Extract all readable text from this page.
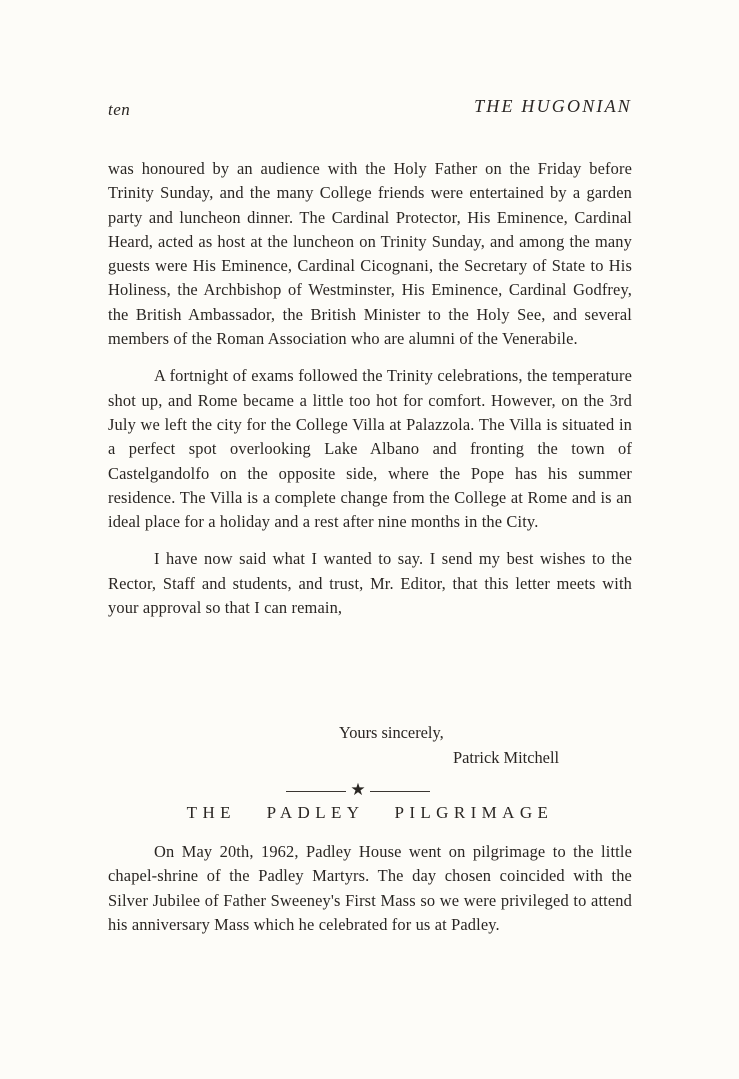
ten	THE HUGONIAN

was honoured by an audience with the Holy Father on the Friday before Trinity Sunday, and the many College friends were entertained by a garden party and luncheon dinner. The Cardinal Protector, His Eminence, Cardinal Heard, acted as host at the luncheon on Trinity Sunday, and among the many guests were His Eminence, Cardinal Cicognani, the Secretary of State to His Holiness, the Archbishop of Westminster, His Eminence, Cardinal Godfrey, the British Ambassador, the British Minister to the Holy See, and several members of the Roman Association who are alumni of the Venerabile.

A fortnight of exams followed the Trinity celebrations, the temperature shot up, and Rome became a little too hot for comfort. However, on the 3rd July we left the city for the College Villa at Palazzola. The Villa is situated in a perfect spot overlooking Lake Albano and fronting the town of Castelgandolfo on the opposite side, where the Pope has his summer residence. The Villa is a complete change from the College at Rome and is an ideal place for a holiday and a rest after nine months in the City.

I have now said what I wanted to say. I send my best wishes to the Rector, Staff and students, and trust, Mr. Editor, that this letter meets with your approval so that I can remain,

Yours sincerely,
Patrick Mitchell
★
THE PADLEY PILGRIMAGE

On May 20th, 1962, Padley House went on pilgrimage to the little chapel-shrine of the Padley Martyrs. The day chosen coincided with the Silver Jubilee of Father Sweeney's First Mass so we were privileged to attend his anniversary Mass which he celebrated for us at Padley.
